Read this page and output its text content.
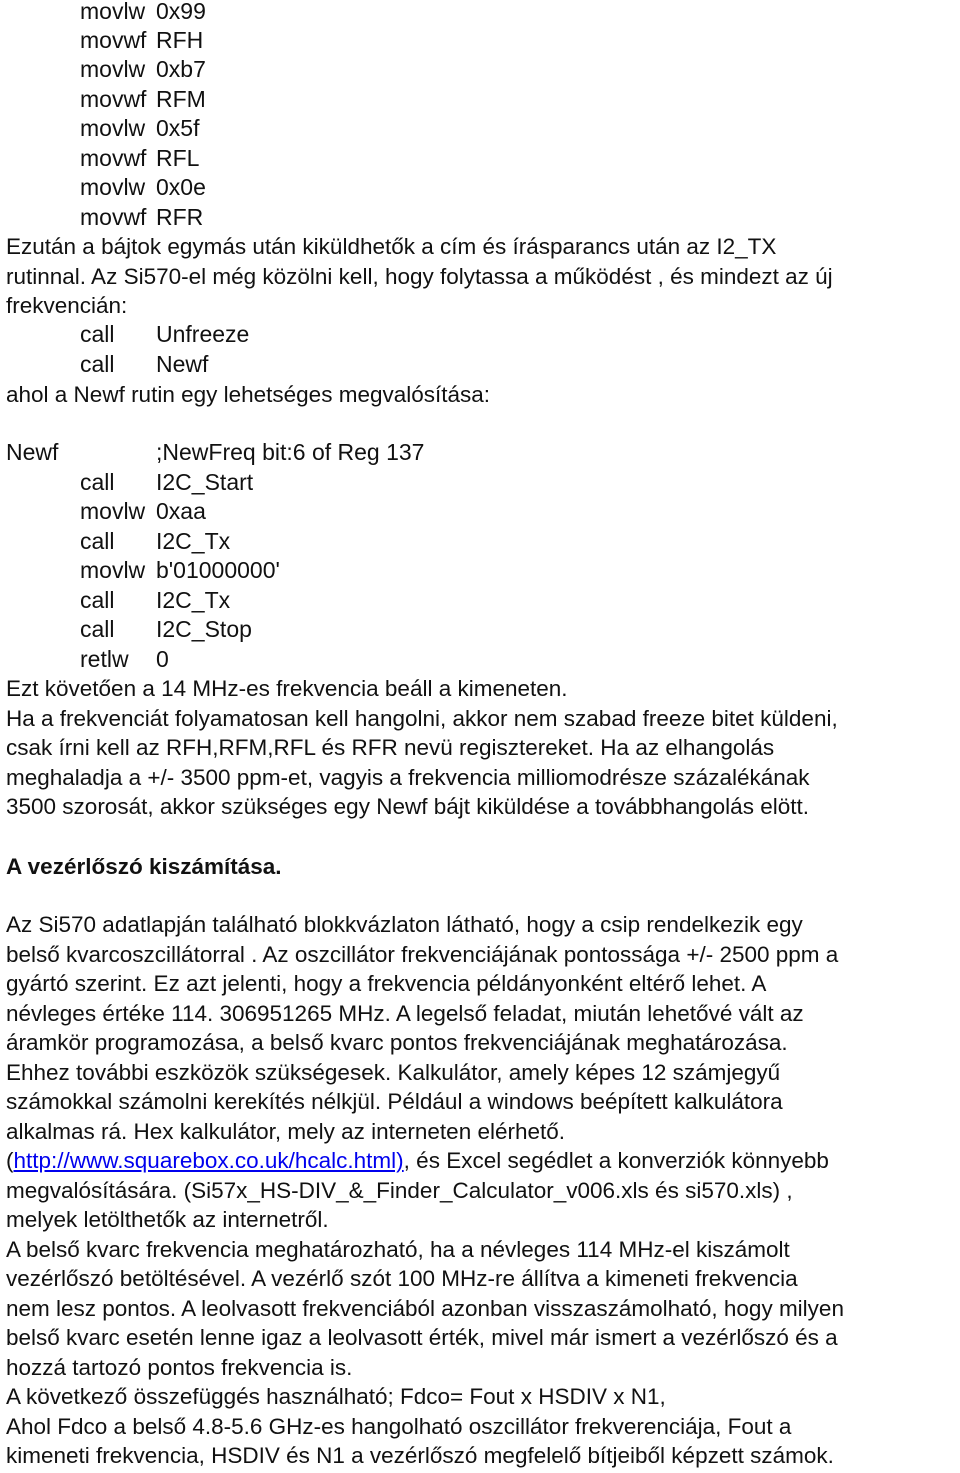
movlw 0x99
movwf RFH
movlw 0xb7
movwf RFM
movlw 0x5f
movwf RFL
movlw 0x0e
movwf RFR
Ezután a bájtok egymás után kiküldhetők a cím és írásparancs után az I2_TX
rutinnal. Az Si570-el még közölni kell, hogy folytassa a működést , és mindezt az új
frekvencián:
call Unfreeze
call Newf
ahol a Newf rutin egy lehetséges megvalósítása:
Newf	;NewFreq bit:6 of Reg 137
call I2C_Start
movlw 0xaa
call I2C_Tx
movlw b'01000000'
call I2C_Tx
call I2C_Stop
retlw 0
Ezt követően a 14 MHz-es frekvencia beáll a kimeneten.
Ha a frekvenciát folyamatosan kell hangolni, akkor nem szabad freeze bitet küldeni,
csak írni kell az RFH,RFM,RFL és RFR nevü regisztereket. Ha az elhangolás
meghaladja a +/- 3500 ppm-et, vagyis a frekvencia milliomodrésze százalékának
3500 szorosát, akkor szükséges egy Newf bájt kiküldése a továbbhangolás elött.
A vezérlőszó kiszámítása.
Az Si570 adatlapján található blokkvázlaton látható, hogy a csip rendelkezik egy
belső kvarcoszcillátorral . Az oszcillátor frekvenciájának pontossága +/- 2500 ppm a
gyártó szerint. Ez azt jelenti, hogy a frekvencia példányonként eltérő lehet. A
névleges értéke 114. 306951265 MHz. A legelső feladat, miután lehetővé vált az
áramkör programozása, a belső kvarc pontos frekvenciájának meghatározása.
Ehhez további eszközök szükségesek. Kalkulátor, amely képes 12 számjegyű
számokkal számolni kerekítés nélkjül. Például a windows beépített kalkulátora
alkalmas rá. Hex kalkulátor, mely az interneten elérhető.
(http://www.squarebox.co.uk/hcalc.html), és Excel segédlet a konverziók könnyebb
megvalósítására. (Si57x_HS-DIV_&_Finder_Calculator_v006.xls és si570.xls) ,
melyek letölthetők az internetről.
A belső kvarc frekvencia meghatározható, ha a névleges 114 MHz-el kiszámolt
vezérlőszó betöltésével. A vezérlő szót 100 MHz-re állítva a kimeneti frekvencia
nem lesz pontos. A leolvasott frekvenciából azonban visszaszámolható, hogy milyen
belső kvarc esetén lenne igaz a leolvasott érték, mivel már ismert a vezérlőszó és a
hozzá tartozó pontos frekvencia is.
A következő összefüggés használható; Fdco= Fout x HSDIV x N1,
Ahol Fdco a belső 4.8-5.6 GHz-es hangolható oszcillátor frekverenciája, Fout a
kimeneti frekvencia, HSDIV és N1 a vezérlőszó megfelelő bítjeiből képzett számok.
